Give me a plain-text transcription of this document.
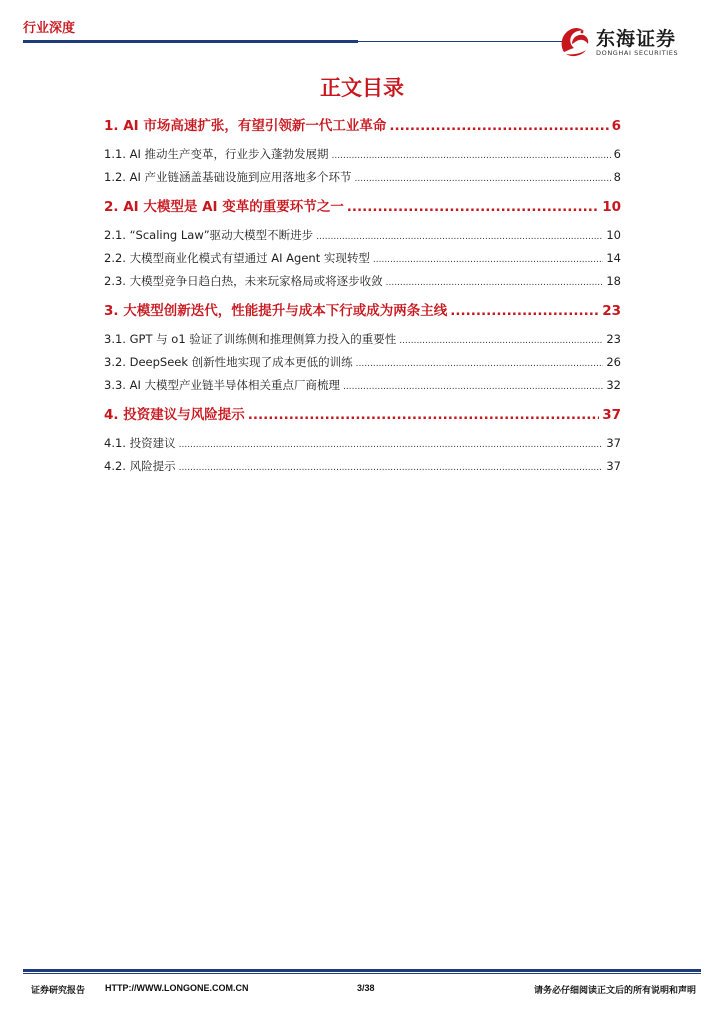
行业深度	东海证券
DONGHAI SECURITIES
正文目录
1. AI 市场高速扩张，有望引领新一代工业革命 .....	6
1.1. AI 推动生产变革，行业步入蓬勃发展期 .....	6
1.2. AI 产业链涵盖基础设施到应用落地多个环节 .....	8
2. AI 大模型是 AI 变革的重要环节之一 .....	10
2.1. “Scaling Law”驱动大模型不断进步 .....	10
2.2. 大模型商业化模式有望通过 AI Agent 实现转型 .....	14
2.3. 大模型竞争日趋白热，未来玩家格局或将逐步收敛 .....	18
3. 大模型创新迭代，性能提升与成本下行或成为两条主线 .....	23
3.1. GPT 与 o1 验证了训练侧和推理侧算力投入的重要性 .....	23
3.2. DeepSeek 创新性地实现了成本更低的训练 .....	26
3.3. AI 大模型产业链半导体相关重点厂商梳理 .....	32
4. 投资建议与风险提示 .....	37
4.1. 投资建议 .....	37
4.2. 风险提示 .....	37
证券研究报告 HTTP://WWW.LONGONE.COM.CN	3/38	请务必仔细阅读正文后的所有说明和声明
